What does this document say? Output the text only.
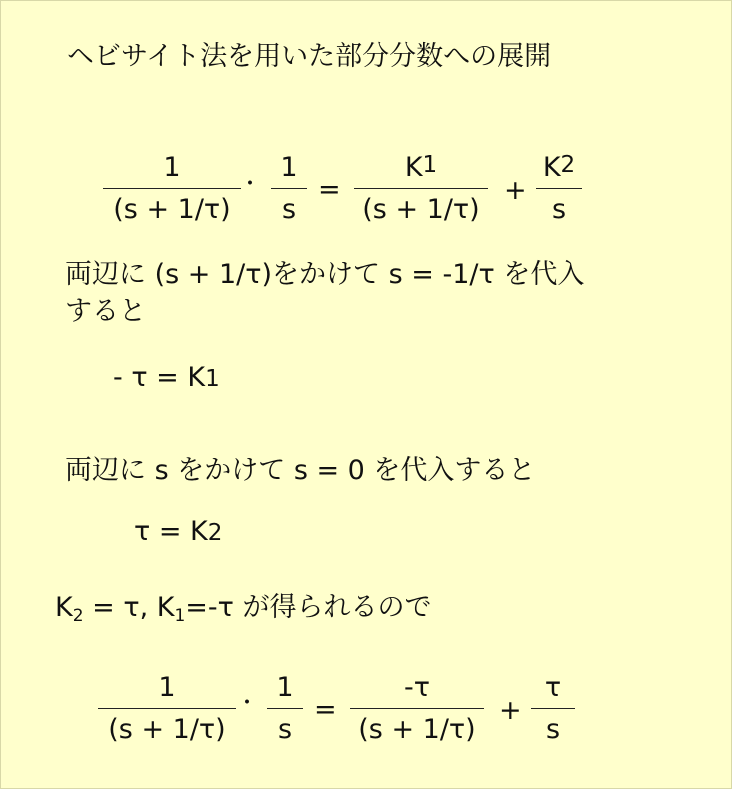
ヘビサイト法を用いた部分分数への展開
1
(s + 1/τ)
・
1
s
=
K 1
(s + 1/τ)
+
K 2
s
両辺に (s + 1/τ)をかけて s = -1/τ を代入
すると
- τ = K1
両辺に s をかけて s = 0 を代入すると
τ = K2
K2 = τ, K1=-τ が得られるので
1
(s + 1/τ)
・
1
s
=
-τ
(s + 1/τ)
+
τ
s
